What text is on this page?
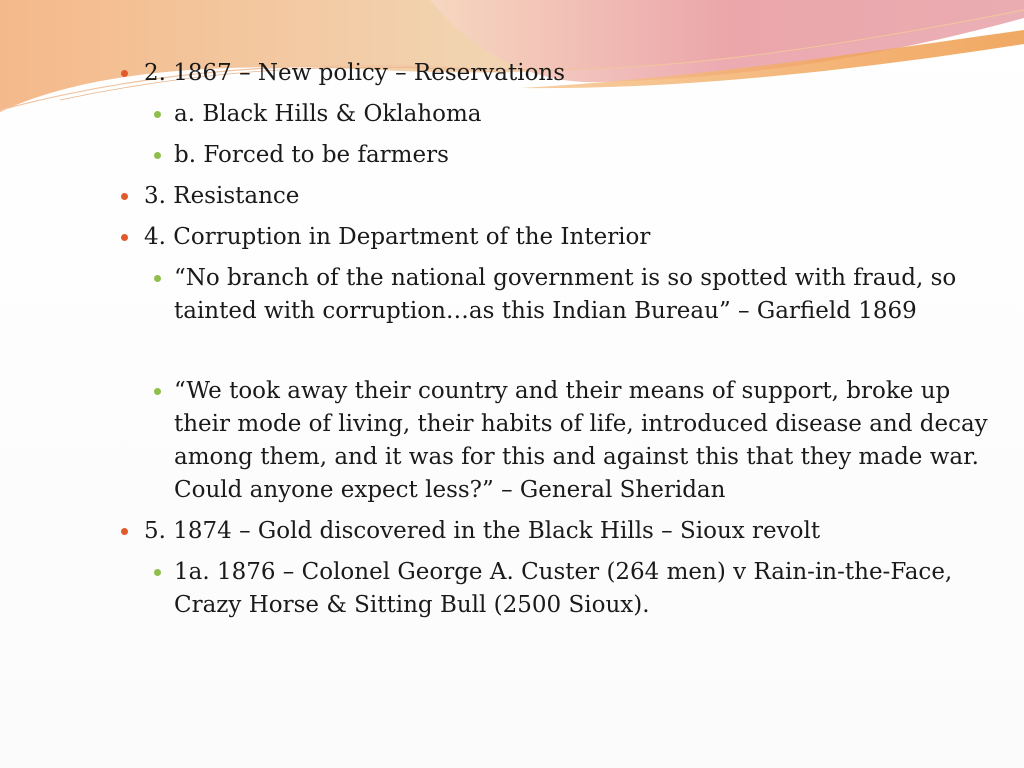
2. 1867 – New policy – Reservations
a. Black Hills & Oklahoma
b. Forced to be farmers
3. Resistance
4. Corruption in Department of the Interior
“No branch of the national government is so spotted with fraud, so tainted with corruption…as this Indian Bureau” – Garfield 1869
“We took away their country and their means of support, broke up their mode of living, their habits of life, introduced disease and decay among them, and it was for this and against this that they made war. Could anyone expect less?” – General Sheridan
5. 1874 – Gold discovered in the Black Hills – Sioux revolt
1a. 1876 – Colonel George A. Custer (264 men) v Rain-in-the-Face, Crazy Horse & Sitting Bull (2500 Sioux).
